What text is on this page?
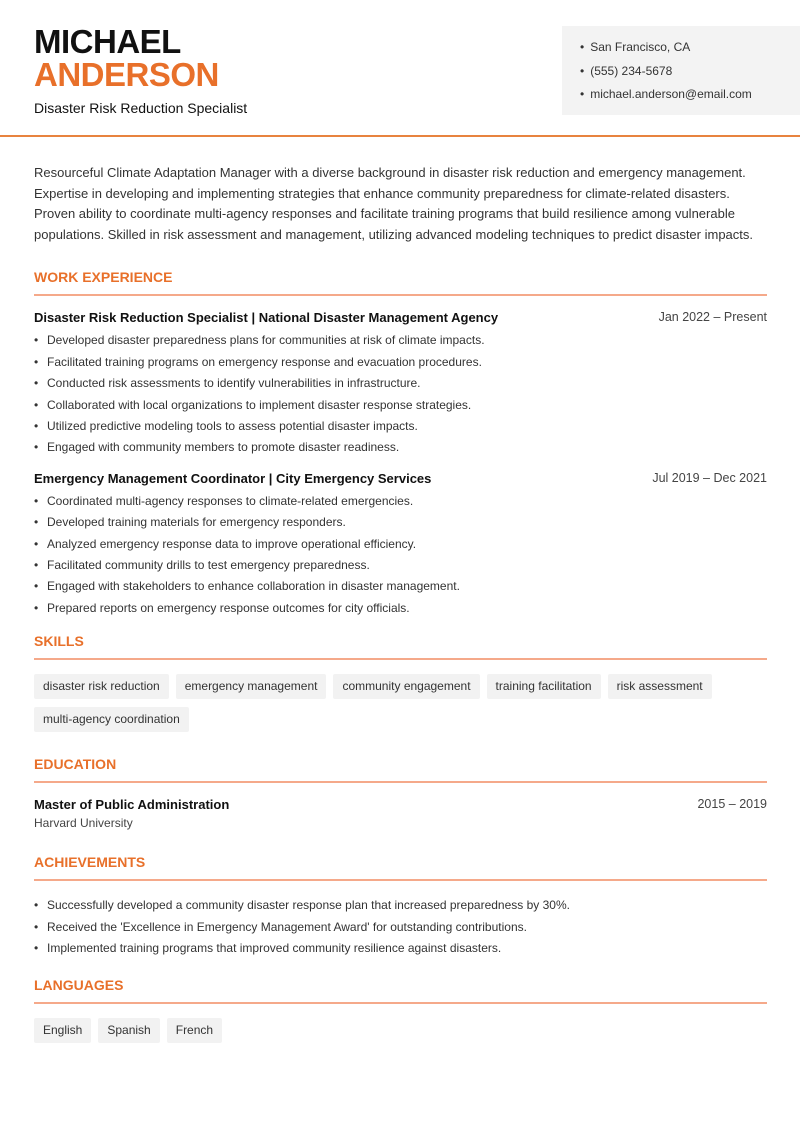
MICHAEL
ANDERSON
Disaster Risk Reduction Specialist
• San Francisco, CA
• (555) 234-5678
• michael.anderson@email.com

Resourceful Climate Adaptation Manager with a diverse background in disaster risk reduction and emergency management. Expertise in developing and implementing strategies that enhance community preparedness for climate-related disasters. Proven ability to coordinate multi-agency responses and facilitate training programs that build resilience among vulnerable populations. Skilled in risk assessment and management, utilizing advanced modeling techniques to predict disaster impacts.

WORK EXPERIENCE
Disaster Risk Reduction Specialist | National Disaster Management Agency	Jan 2022 – Present
• Developed disaster preparedness plans for communities at risk of climate impacts.
• Facilitated training programs on emergency response and evacuation procedures.
• Conducted risk assessments to identify vulnerabilities in infrastructure.
• Collaborated with local organizations to implement disaster response strategies.
• Utilized predictive modeling tools to assess potential disaster impacts.
• Engaged with community members to promote disaster readiness.
Emergency Management Coordinator | City Emergency Services	Jul 2019 – Dec 2021
• Coordinated multi-agency responses to climate-related emergencies.
• Developed training materials for emergency responders.
• Analyzed emergency response data to improve operational efficiency.
• Facilitated community drills to test emergency preparedness.
• Engaged with stakeholders to enhance collaboration in disaster management.
• Prepared reports on emergency response outcomes for city officials.
SKILLS
disaster risk reduction	emergency management	community engagement	training facilitation	risk assessment
multi-agency coordination
EDUCATION
Master of Public Administration	2015 – 2019
Harvard University
ACHIEVEMENTS
• Successfully developed a community disaster response plan that increased preparedness by 30%.
• Received the 'Excellence in Emergency Management Award' for outstanding contributions.
• Implemented training programs that improved community resilience against disasters.
LANGUAGES
English	Spanish	French
